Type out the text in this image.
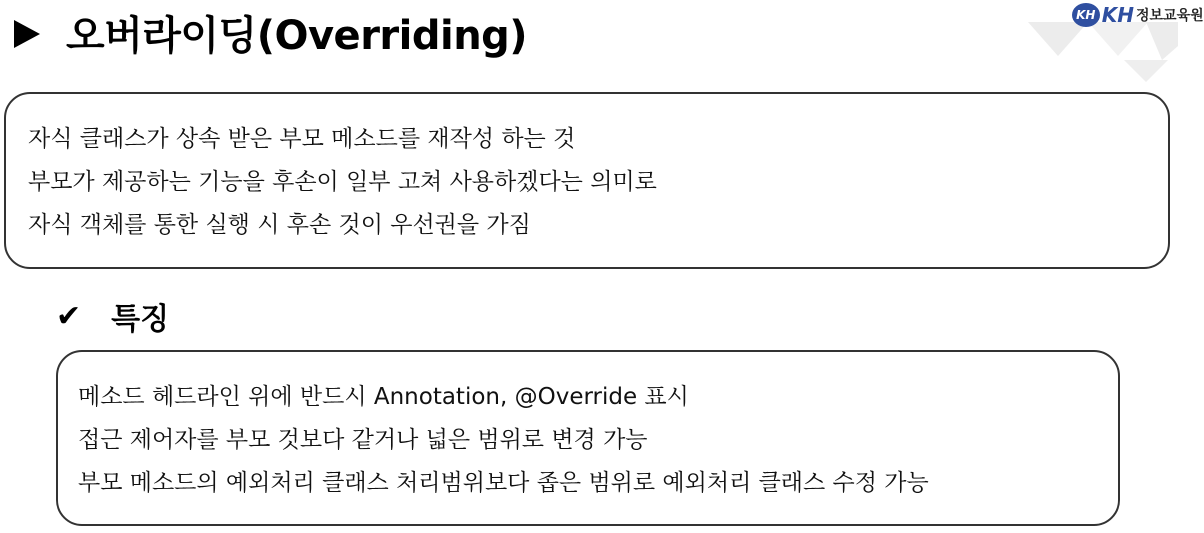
오버라이딩(Overriding)	KH KH 정보교육원
자식 클래스가 상속 받은 부모 메소드를 재작성 하는 것
부모가 제공하는 기능을 후손이 일부 고쳐 사용하겠다는 의미로
자식 객체를 통한 실행 시 후손 것이 우선권을 가짐
✔ 특징
메소드 헤드라인 위에 반드시 Annotation, @Override 표시
접근 제어자를 부모 것보다 같거나 넓은 범위로 변경 가능
부모 메소드의 예외처리 클래스 처리범위보다 좁은 범위로 예외처리 클래스 수정 가능
